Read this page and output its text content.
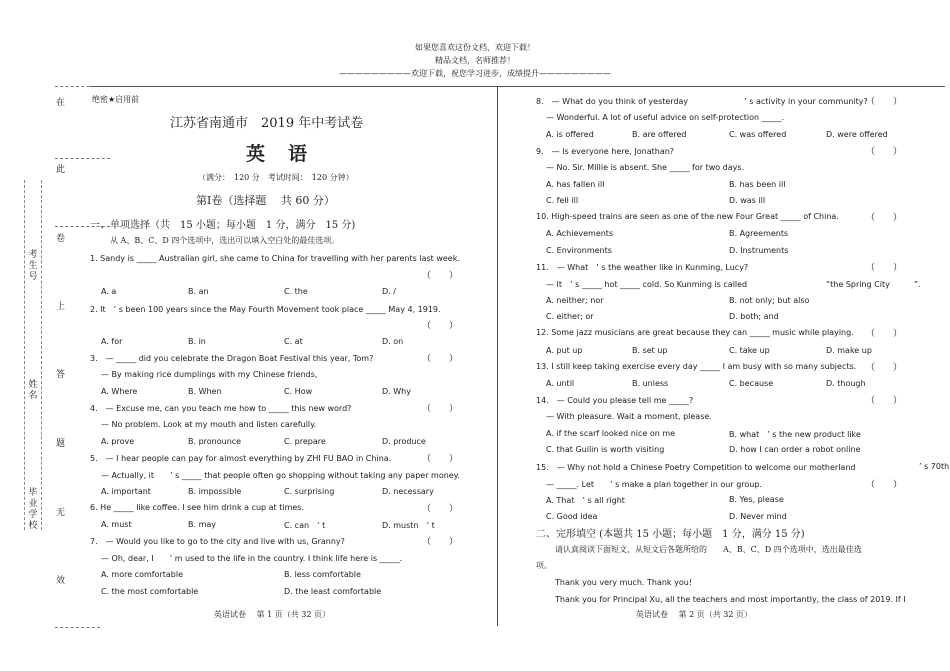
如果您喜欢这份文档，欢迎下载！
精品文档，名师推荐！
—————————欢迎下载，祝您学习进步，成绩提升—————————
在
此
卷
上
答
题
无
效
考生号
姓名
毕业学校
绝密★启用前
江苏省南通市　2019 年中考试卷
英　语
（满分：　120 分　考试时间：　120 分钟）
第Ⅰ卷（选择题　 共 60 分）
一、单项选择（共　15 小题；每小题　1 分，满分　15 分)
从 A、B、C、D 四个选项中，选出可以填入空白处的最佳选项。
1. Sandy is _____ Australian girl, she came to China for travelling with her parents last week.
（　　）
A. a	B. an	C. the	D. /
2. It　’ s been 100 years since the May Fourth Movement took place _____ May 4, 1919.
（　　）
A. for	B. in	C. at	D. on
3.　— _____ did you celebrate the Dragon Boat Festival this year, Tom?	（　　）
— By making rice dumplings with my Chinese friends,
A. Where	B. When	C. How	D. Why
4.　— Excuse me, can you teach me how to _____ this new word?	（　　）
— No problem. Look at my mouth and listen carefully.
A. prove	B. pronounce	C. prepare	D. produce
5.　— I hear people can pay for almost everything by ZHI FU BAO in China.	（　　）
— Actually, it　　’ s _____ that people often go shopping without taking any paper money.
A. important	B. impossible	C. surprising	D. necessary
6. He _____ like coffee. I see him drink a cup at times.	（　　）
A. must	B. may	C. can　’ t	D. mustn　’ t
7.　— Would you like to go to the city and live with us, Granny?	（　　）
— Oh, dear, I　　’ m used to the life in the country. I think life here is _____.
A. more comfortable	B. less comfortable
C. the most comfortable	D. the least comfortable
英语试卷　 第 1 页（共 32 页）
8.　— What do you think of yesterday　　　　　　　’ s activity in your community?
（　　）
— Wonderful. A lot of useful advice on self-protection _____.
A. is offered	B. are offered	C. was offered	D. were offered
9.　— Is everyone here, Jonathan?	（　　）
— No. Sir. Millie is absent. She _____ for two days.
A. has fallen ill	B. has been ill
C. fell ill	D. was ill
10. High-speed trains are seen as one of the new Four Great _____ of China.	（　　）
A. Achievements	B. Agreements
C. Environments	D. Instruments
11.　— What　’ s the weather like in Kunming, Lucy?	（　　）
— It　’ s _____ hot _____ cold. So Kunming is called	“the Spring City　　　”.
A. neither; nor	B. not only; but also
C. either; or	D. both; and
12. Some jazz musicians are great because they can _____ music while playing. （　　）
A. put up	B. set up	C. take up	D. make up
13. I still keep taking exercise every day _____ I am busy with so many subjects. （　　）
A. until	B. unless	C. because	D. though
14.　— Could you please tell me _____?	（　　）
— With pleasure. Wait a moment, please.
A. if the scarf looked nice on me	B. what　’ s the new product like
C. that Guilin is worth visiting	D. how I can order a robot online
15.　— Why not hold a Chinese Poetry Competition to welcome our motherland	’ s 70th
（　　）
— _____. Let　　’ s make a plan together in our group.
A. That　’ s all right	B. Yes, please
C. Good idea	D. Never mind
二、完形填空 (本题共 15 小题；每小题　1 分，满分 15 分)
请认真阅读下面短文，从短文后各题所给的　　A、B、C、D 四个选项中，选出最佳选
项。
Thank you very much. Thank you!
Thank you for Principal Xu, all the teachers and most importantly, the class of 2019. If I
英语试卷　 第 2 页（共 32 页）
